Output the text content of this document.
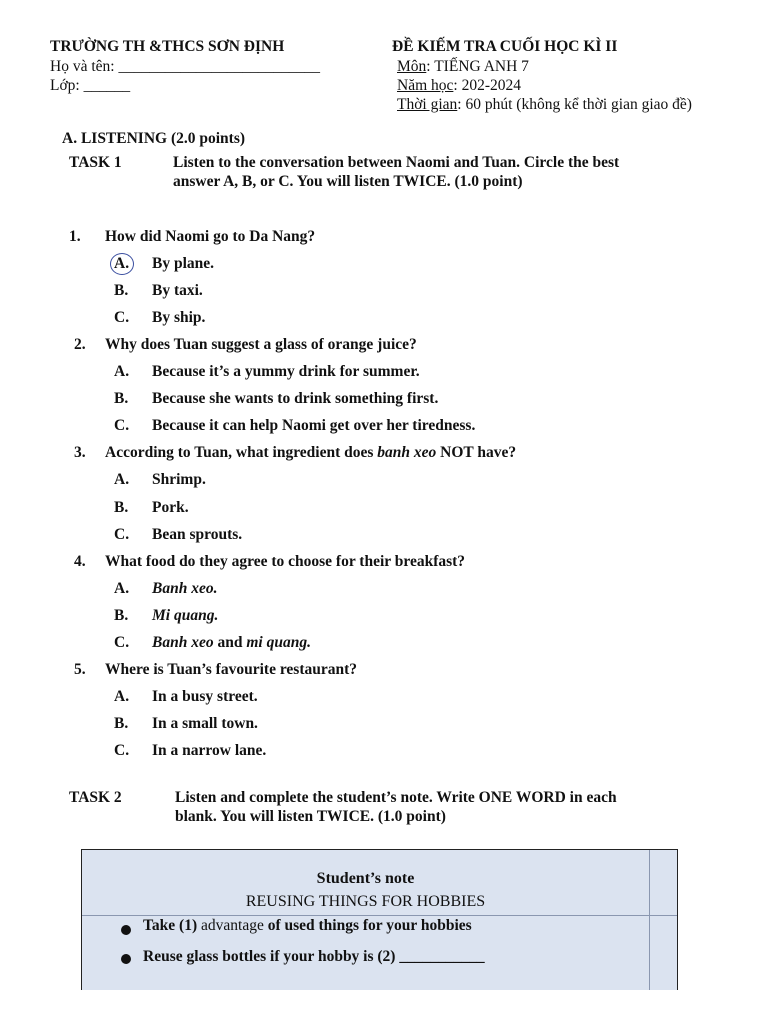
TRƯỜNG TH &THCS SƠN ĐỊNH
Họ và tên: __________________________
Lớp: ______
ĐỀ KIẾM TRA CUỐI HỌC KÌ II
Môn: TIẾNG ANH 7
Năm học: 202-2024
Thời gian: 60 phút (không kể thời gian giao đề)
A. LISTENING (2.0 points)
TASK 1	Listen to the conversation between Naomi and Tuan. Circle the best
answer A, B, or C. You will listen TWICE. (1.0 point)
1. How did Naomi go to Da Nang?
A. By plane.
B. By taxi.
C. By ship.
2. Why does Tuan suggest a glass of orange juice?
A. Because it’s a yummy drink for summer.
B. Because she wants to drink something first.
C. Because it can help Naomi get over her tiredness.
3. According to Tuan, what ingredient does banh xeo NOT have?
A. Shrimp.
B. Pork.
C. Bean sprouts.
4. What food do they agree to choose for their breakfast?
A. Banh xeo.
B. Mi quang.
C. Banh xeo and mi quang.
5. Where is Tuan’s favourite restaurant?
A. In a busy street.
B. In a small town.
C. In a narrow lane.
TASK 2	Listen and complete the student’s note. Write ONE WORD in each
blank. You will listen TWICE. (1.0 point)
Student’s note
REUSING THINGS FOR HOBBIES
Take (1) advantage of used things for your hobbies
Reuse glass bottles if your hobby is (2) ___________
